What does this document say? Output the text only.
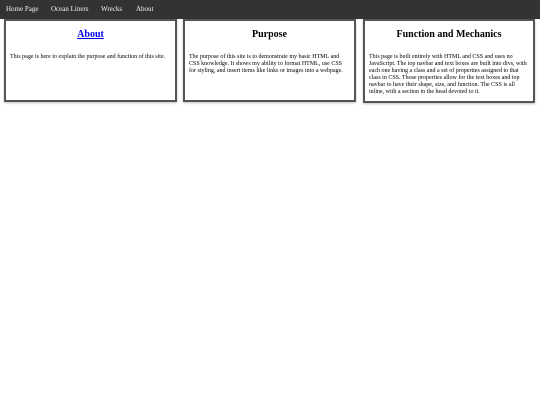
Home Page Ocean Liners Wrecks About
About

This page is here to explain the purpose and function of this site.

Purpose

The purpose of this site is to demonstrate my basic HTML and CSS knowledge. It shows my ability to format HTML, use CSS for styling, and insert items like links or images into a webpage.

Function and Mechanics

This page is built entirely with HTML and CSS and uses no JavaScript. The top navbar and text boxes are built into divs, with each one having a class and a set of properties assigned to that class in CSS. Those properties allow for the text boxes and top navbar to have their shape, size, and function. The CSS is all inline, with a section in the head devoted to it.
